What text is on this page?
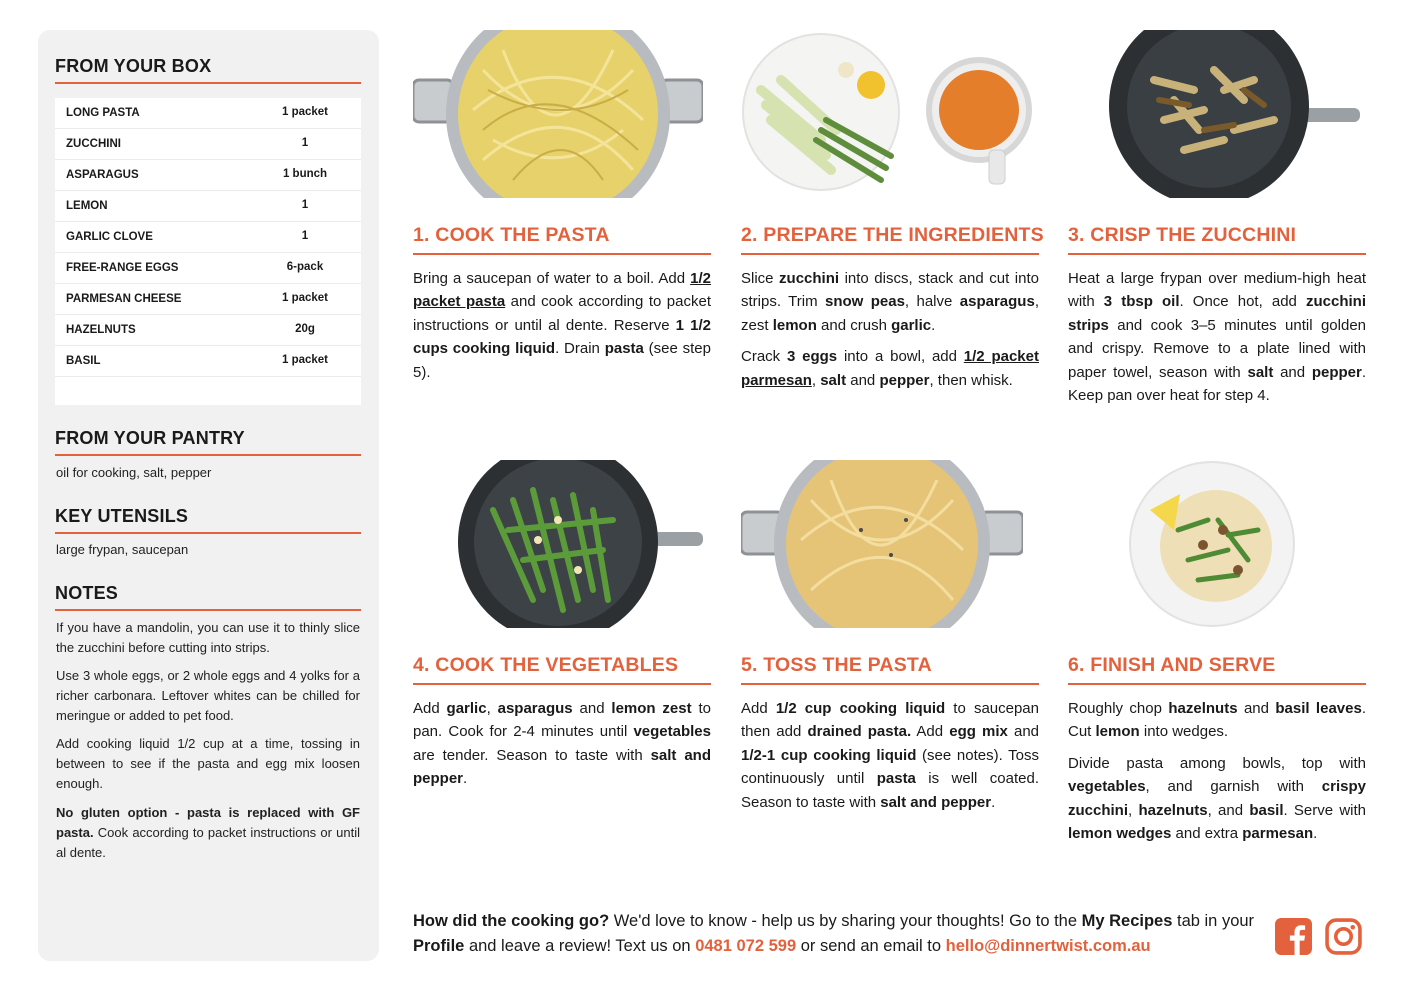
FROM YOUR BOX
LONG PASTA	1 packet
ZUCCHINI	1
ASPARAGUS	1 bunch
LEMON	1
GARLIC CLOVE	1
FREE-RANGE EGGS	6-pack
PARMESAN CHEESE	1 packet
HAZELNUTS	20g
BASIL	1 packet
FROM YOUR PANTRY
oil for cooking, salt, pepper
KEY UTENSILS
large frypan, saucepan
NOTES
If you have a mandolin, you can use it to thinly slice the zucchini before cutting into strips.
Use 3 whole eggs, or 2 whole eggs and 4 yolks for a richer carbonara. Leftover whites can be chilled for meringue or added to pet food.
Add cooking liquid 1/2 cup at a time, tossing in between to see if the pasta and egg mix loosen enough.
No gluten option - pasta is replaced with GF pasta. Cook according to packet instructions or until al dente.
1. COOK THE PASTA

Bring a saucepan of water to a boil. Add 1/2 packet pasta and cook according to packet instructions or until al dente. Reserve 1 1/2 cups cooking liquid. Drain pasta (see step 5).

2. PREPARE THE INGREDIENTS

Slice zucchini into discs, stack and cut into strips. Trim snow peas, halve asparagus, zest lemon and crush garlic.

Crack 3 eggs into a bowl, add 1/2 packet parmesan, salt and pepper, then whisk.

3. CRISP THE ZUCCHINI

Heat a large frypan over medium-high heat with 3 tbsp oil. Once hot, add zucchini strips and cook 3–5 minutes until golden and crispy. Remove to a plate lined with paper towel, season with salt and pepper. Keep pan over heat for step 4.

4. COOK THE VEGETABLES

Add garlic, asparagus and lemon zest to pan. Cook for 2-4 minutes until vegetables are tender. Season to taste with salt and pepper.

5. TOSS THE PASTA

Add 1/2 cup cooking liquid to saucepan then add drained pasta. Add egg mix and 1/2-1 cup cooking liquid (see notes). Toss continuously until pasta is well coated. Season to taste with salt and pepper.

6. FINISH AND SERVE

Roughly chop hazelnuts and basil leaves. Cut lemon into wedges.

Divide pasta among bowls, top with vegetables, and garnish with crispy zucchini, hazelnuts, and basil. Serve with lemon wedges and extra parmesan.

How did the cooking go? We'd love to know - help us by sharing your thoughts! Go to the My Recipes tab in your Profile and leave a review! Text us on 0481 072 599 or send an email to hello@dinnertwist.com.au
